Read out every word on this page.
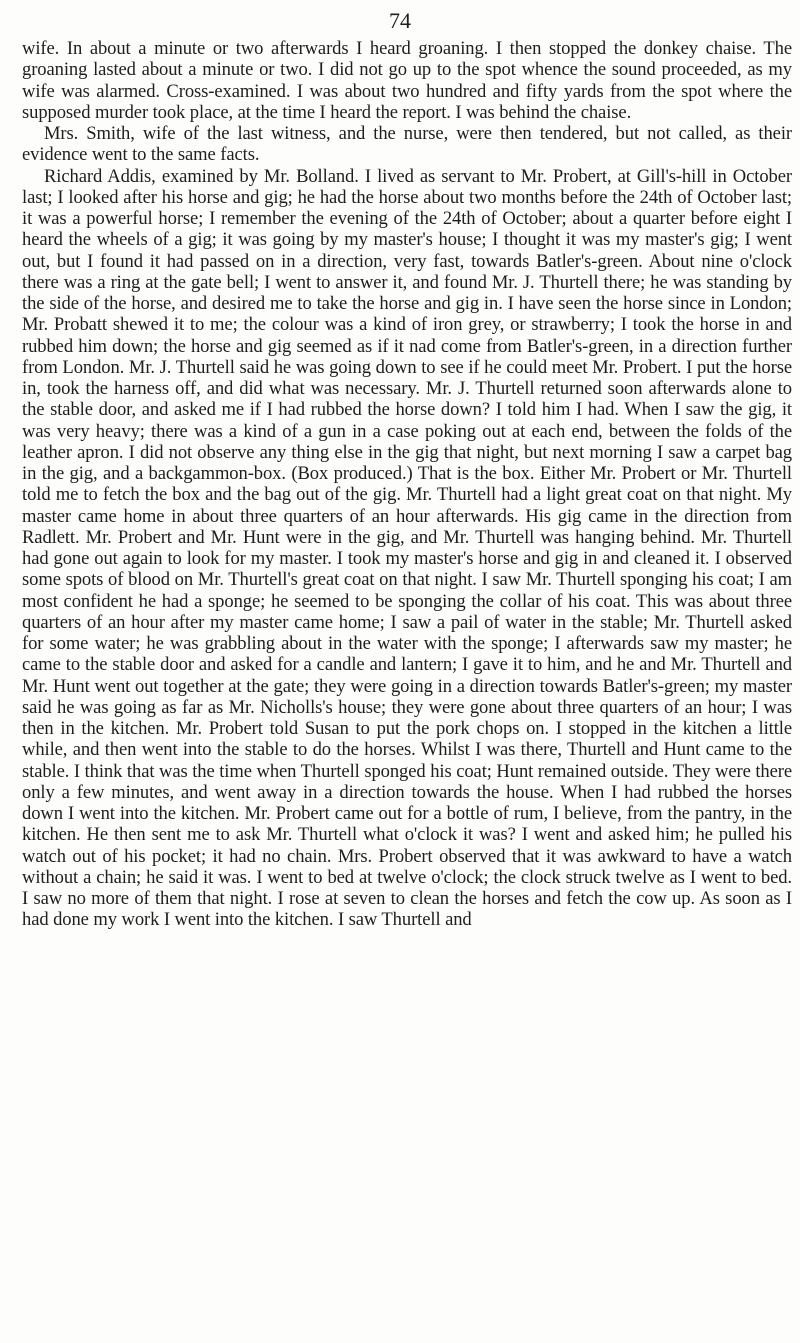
74

wife. In about a minute or two afterwards I heard groaning. I then stopped the donkey chaise. The groaning lasted about a minute or two. I did not go up to the spot whence the sound proceeded, as my wife was alarmed. Cross-examined. I was about two hundred and fifty yards from the spot where the supposed murder took place, at the time I heard the report. I was behind the chaise.

Mrs. Smith, wife of the last witness, and the nurse, were then tendered, but not called, as their evidence went to the same facts.

Richard Addis, examined by Mr. Bolland. I lived as servant to Mr. Probert, at Gill's-hill in October last; I looked after his horse and gig; he had the horse about two months before the 24th of October last; it was a powerful horse; I remember the evening of the 24th of October; about a quarter before eight I heard the wheels of a gig; it was going by my master's house; I thought it was my master's gig; I went out, but I found it had passed on in a direction, very fast, towards Batler's-green. About nine o'clock there was a ring at the gate bell; I went to answer it, and found Mr. J. Thurtell there; he was standing by the side of the horse, and desired me to take the horse and gig in. I have seen the horse since in London; Mr. Probatt shewed it to me; the colour was a kind of iron grey, or strawberry; I took the horse in and rubbed him down; the horse and gig seemed as if it nad come from Batler's-green, in a direction further from London. Mr. J. Thurtell said he was going down to see if he could meet Mr. Probert. I put the horse in, took the harness off, and did what was necessary. Mr. J. Thurtell returned soon afterwards alone to the stable door, and asked me if I had rubbed the horse down? I told him I had. When I saw the gig, it was very heavy; there was a kind of a gun in a case poking out at each end, between the folds of the leather apron. I did not observe any thing else in the gig that night, but next morning I saw a carpet bag in the gig, and a backgammon-box. (Box produced.) That is the box. Either Mr. Probert or Mr. Thurtell told me to fetch the box and the bag out of the gig. Mr. Thurtell had a light great coat on that night. My master came home in about three quarters of an hour afterwards. His gig came in the direction from Radlett. Mr. Probert and Mr. Hunt were in the gig, and Mr. Thurtell was hanging behind. Mr. Thurtell had gone out again to look for my master. I took my master's horse and gig in and cleaned it. I observed some spots of blood on Mr. Thurtell's great coat on that night. I saw Mr. Thurtell sponging his coat; I am most confident he had a sponge; he seemed to be sponging the collar of his coat. This was about three quarters of an hour after my master came home; I saw a pail of water in the stable; Mr. Thurtell asked for some water; he was grabbling about in the water with the sponge; I afterwards saw my master; he came to the stable door and asked for a candle and lantern; I gave it to him, and he and Mr. Thurtell and Mr. Hunt went out together at the gate; they were going in a direction towards Batler's-green; my master said he was going as far as Mr. Nicholls's house; they were gone about three quarters of an hour; I was then in the kitchen. Mr. Probert told Susan to put the pork chops on. I stopped in the kitchen a little while, and then went into the stable to do the horses. Whilst I was there, Thurtell and Hunt came to the stable. I think that was the time when Thurtell sponged his coat; Hunt remained outside. They were there only a few minutes, and went away in a direction towards the house. When I had rubbed the horses down I went into the kitchen. Mr. Probert came out for a bottle of rum, I believe, from the pantry, in the kitchen. He then sent me to ask Mr. Thurtell what o'clock it was? I went and asked him; he pulled his watch out of his pocket; it had no chain. Mrs. Probert observed that it was awkward to have a watch without a chain; he said it was. I went to bed at twelve o'clock; the clock struck twelve as I went to bed. I saw no more of them that night. I rose at seven to clean the horses and fetch the cow up. As soon as I had done my work I went into the kitchen. I saw Thurtell and
